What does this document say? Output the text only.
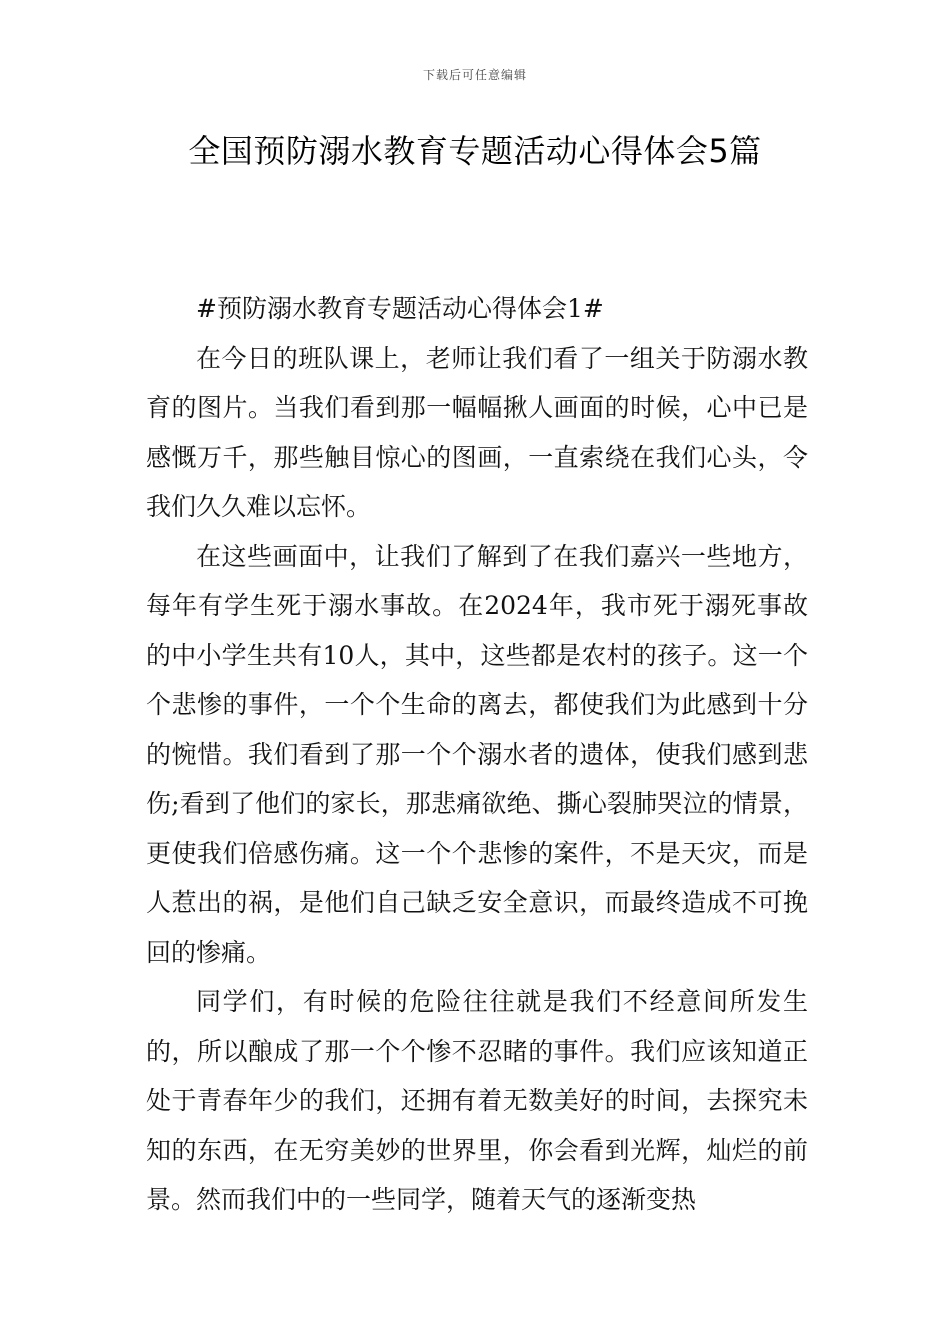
下载后可任意编辑
全国预防溺水教育专题活动心得体会5篇

#预防溺水教育专题活动心得体会1#

在今日的班队课上，老师让我们看了一组关于防溺水教育的图片。当我们看到那一幅幅揪人画面的时候，心中已是感慨万千，那些触目惊心的图画，一直索绕在我们心头，令我们久久难以忘怀。

在这些画面中，让我们了解到了在我们嘉兴一些地方，每年有学生死于溺水事故。在2024年，我市死于溺死事故的中小学生共有10人，其中，这些都是农村的孩子。这一个个悲惨的事件，一个个生命的离去，都使我们为此感到十分的惋惜。我们看到了那一个个溺水者的遗体，使我们感到悲伤;看到了他们的家长，那悲痛欲绝、撕心裂肺哭泣的情景，更使我们倍感伤痛。这一个个悲惨的案件，不是天灾，而是人惹出的祸，是他们自己缺乏安全意识，而最终造成不可挽回的惨痛。

同学们，有时候的危险往往就是我们不经意间所发生的，所以酿成了那一个个惨不忍睹的事件。我们应该知道正处于青春年少的我们，还拥有着无数美好的时间，去探究未知的东西，在无穷美妙的世界里，你会看到光辉，灿烂的前景。然而我们中的一些同学，随着天气的逐渐变热
